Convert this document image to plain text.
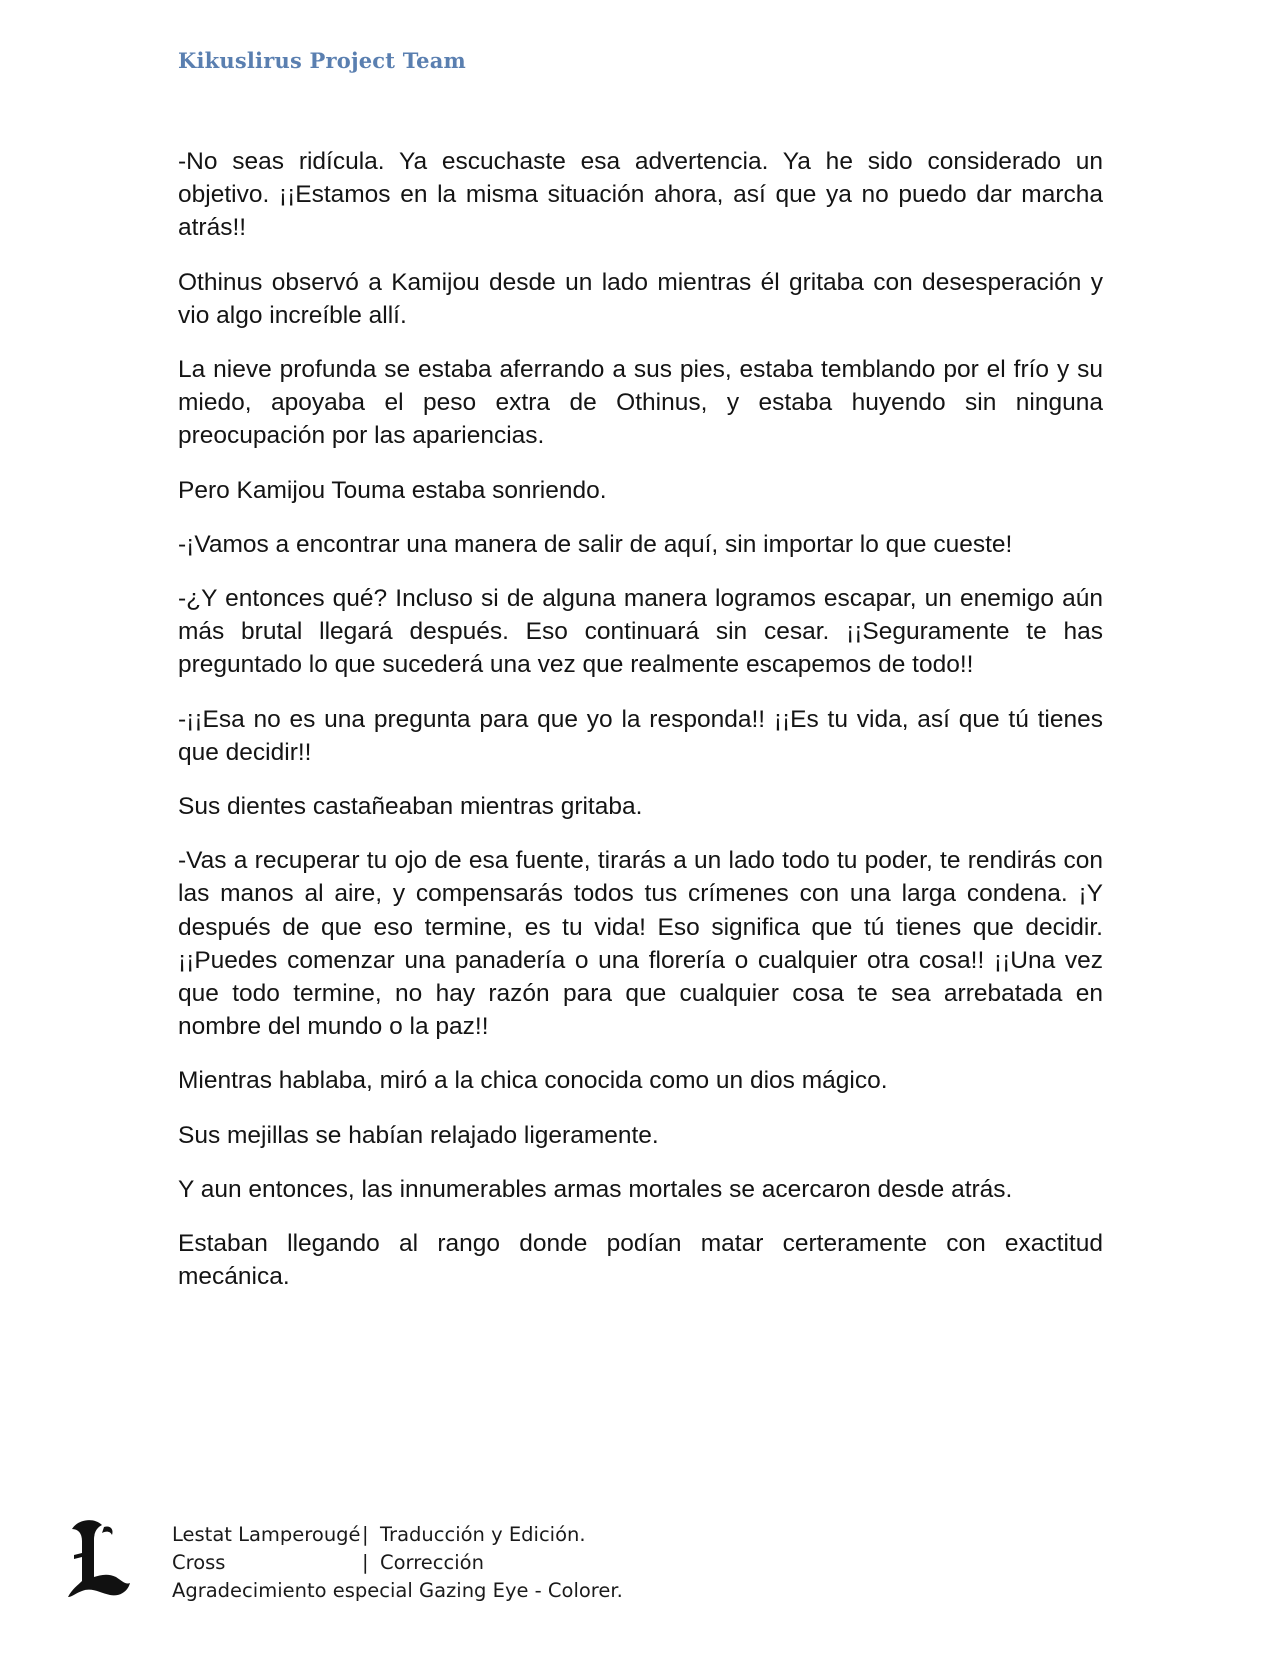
Kikuslirus Project Team

-No seas ridícula. Ya escuchaste esa advertencia. Ya he sido considerado un objetivo. ¡¡Estamos en la misma situación ahora, así que ya no puedo dar marcha atrás!!

Othinus observó a Kamijou desde un lado mientras él gritaba con desesperación y vio algo increíble allí.

La nieve profunda se estaba aferrando a sus pies, estaba temblando por el frío y su miedo, apoyaba el peso extra de Othinus, y estaba huyendo sin ninguna preocupación por las apariencias.

Pero Kamijou Touma estaba sonriendo.

-¡Vamos a encontrar una manera de salir de aquí, sin importar lo que cueste!

-¿Y entonces qué? Incluso si de alguna manera logramos escapar, un enemigo aún más brutal llegará después. Eso continuará sin cesar. ¡¡Seguramente te has preguntado lo que sucederá una vez que realmente escapemos de todo!!

-¡¡Esa no es una pregunta para que yo la responda!! ¡¡Es tu vida, así que tú tienes que decidir!!

Sus dientes castañeaban mientras gritaba.

-Vas a recuperar tu ojo de esa fuente, tirarás a un lado todo tu poder, te rendirás con las manos al aire, y compensarás todos tus crímenes con una larga condena. ¡Y después de que eso termine, es tu vida! Eso significa que tú tienes que decidir. ¡¡Puedes comenzar una panadería o una florería o cualquier otra cosa!! ¡¡Una vez que todo termine, no hay razón para que cualquier cosa te sea arrebatada en nombre del mundo o la paz!!

Mientras hablaba, miró a la chica conocida como un dios mágico.

Sus mejillas se habían relajado ligeramente.

Y aun entonces, las innumerables armas mortales se acercaron desde atrás.

Estaban llegando al rango donde podían matar certeramente con exactitud mecánica.

Lestat Lamperougé| Traducción y Edición.
Cross	| Corrección
Agradecimiento especial Gazing Eye - Colorer.
